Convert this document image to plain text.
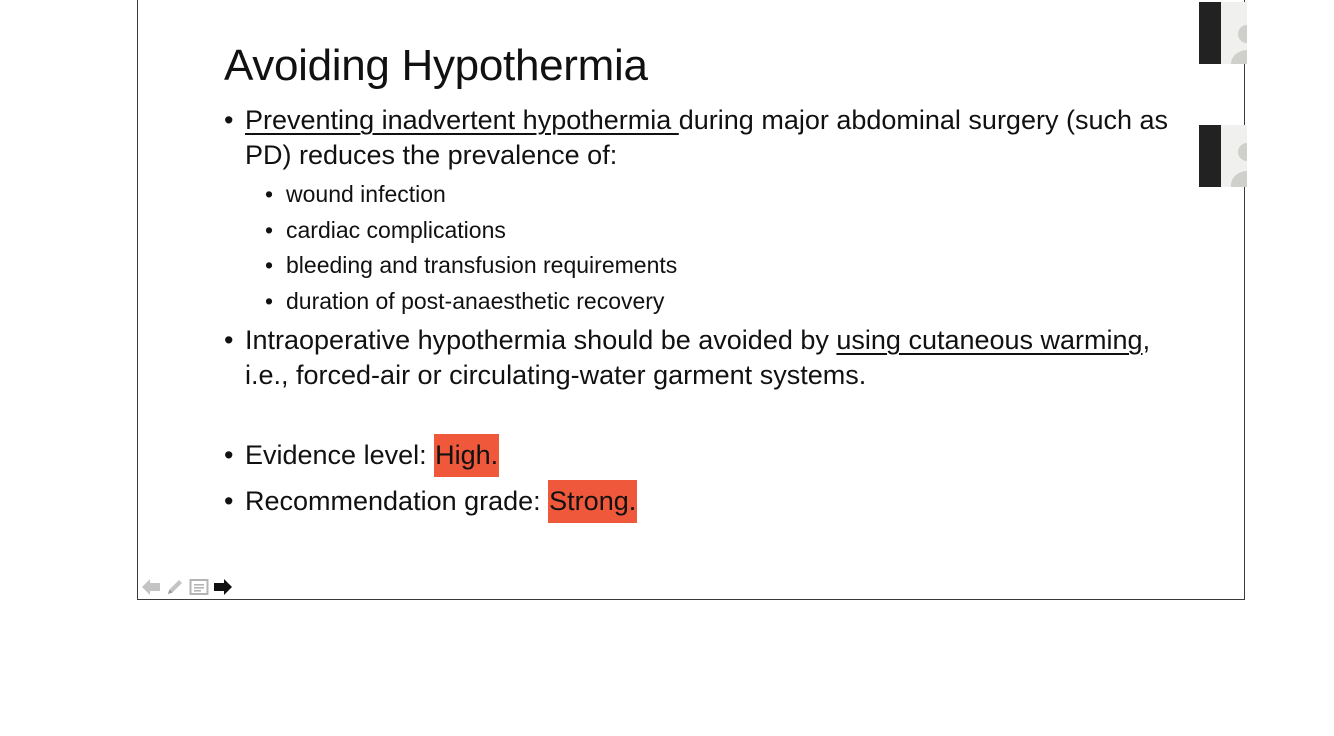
Avoiding Hypothermia
• Preventing inadvertent hypothermia during major abdominal surgery (such as PD) reduces the prevalence of:
• wound infection
• cardiac complications
• bleeding and transfusion requirements
• duration of post-anaesthetic recovery
• Intraoperative hypothermia should be avoided by using cutaneous warming, i.e., forced-air or circulating-water garment systems.
• Evidence level: High.
• Recommendation grade: Strong.
